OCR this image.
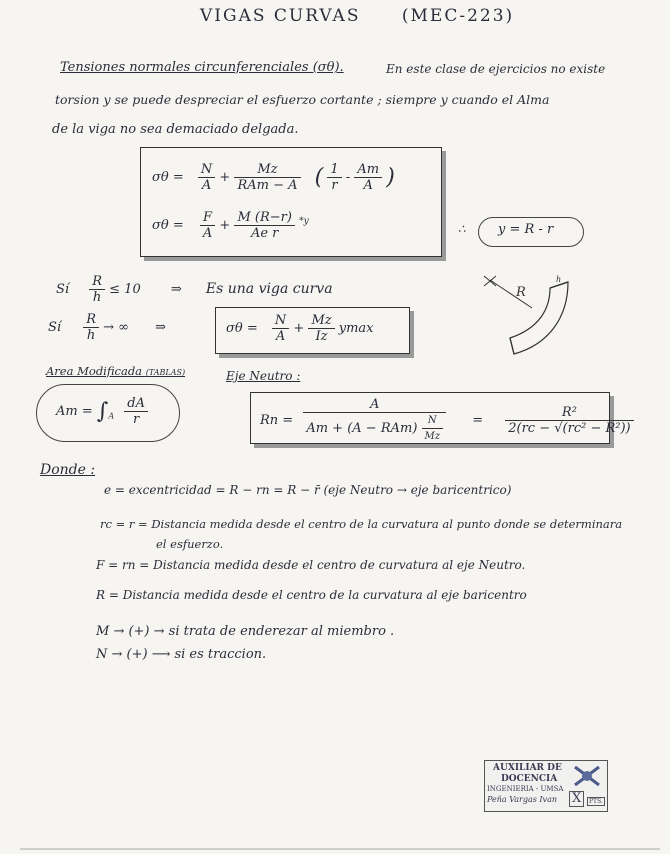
VIGAS CURVAS (MEC-223)
Tensiones normales circunferenciales (σθ).	En este clase de ejercicios no existe
torsion y se puede despreciar el esfuerzo cortante ; siempre y cuando el Alma
de la viga no sea demaciado delgada.
$\sigma\theta = \frac{N}{A} + \frac{Mz}{\text{RAm − A}}$ ( $\frac{1}{r} - \frac{Am}{A}$ )
$\sigma\theta = \frac{F}{A} + \frac{M (R-r)}{\text{Ae r}} ^{*y}$
∴ y = R - r
Sí $\frac{R}{h} \le 10$ ⇒ Es una viga curva
Sí $\frac{R}{h}$ → ∞ ⇒	$\sigma\theta = \frac{N}{A} + \frac{Mz}{Iz}$ ymax
R
h
Area Modificada (TABLAS)
$Am = \int_A \frac{dA}{r}$
Eje Neutro :
$Rn = \frac{A}{Am + (A - RAm) \frac{N}{Mz}} = \frac{\text{R²}}{\text{2(rc − √(rc² − R²))}}$
Donde :
e = excentricidad = R − rn = R − r̄ (eje Neutro → eje baricentrico)
rc = r = Distancia medida desde el centro de la curvatura al punto donde se determinara
el esfuerzo.
F = rn = Distancia medida desde el centro de curvatura al eje Neutro.
R = Distancia medida desde el centro de la curvatura al eje baricentro
M → (+) → si trata de enderezar al miembro .
N → (+) ⟶ si es traccion.
AUXILIAR DE
DOCENCIA
INGENIERIA - UMSA
Peña Vargas Ivan X	PTS.
